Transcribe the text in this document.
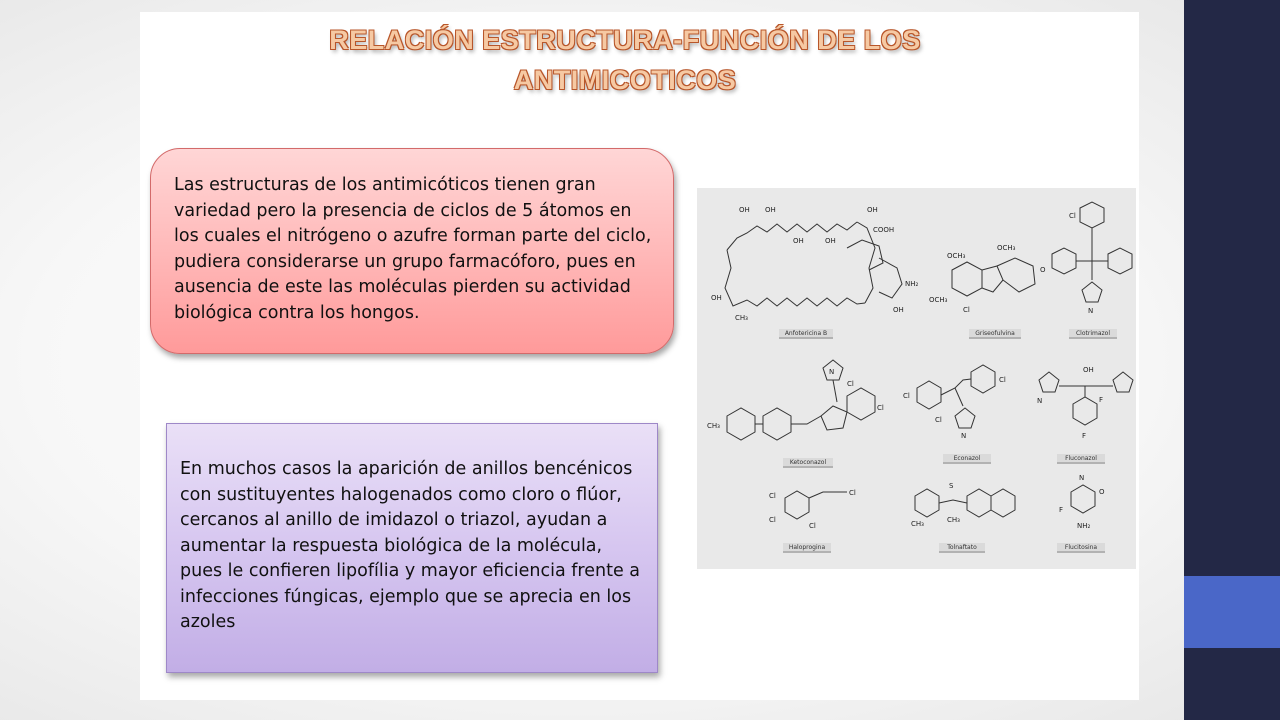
RELACIÓN ESTRUCTURA-FUNCIÓN DE LOS
ANTIMICOTICOS
Las estructuras de los antimicóticos tienen gran variedad pero la presencia de ciclos de 5 átomos en los cuales el nitrógeno o azufre forman parte del ciclo, pudiera considerarse un grupo farmacóforo, pues en ausencia de este las moléculas pierden su actividad biológica contra los hongos.
En muchos casos la aparición de anillos bencénicos con sustituyentes halogenados como cloro o flúor, cercanos al anillo de imidazol o triazol, ayudan a aumentar la respuesta biológica de la molécula, pues le confieren lipofília y mayor eficiencia frente a infecciones fúngicas, ejemplo que se aprecia en los azoles
OH OH
OH	OH
OH
COOH
NH₂
OH
CH₃
OH
Anfotericina B
OCH₃
OCH₃
Cl
OCH₃
O
Griseofulvina
Cl
N
Clotrimazol
CH₃
Cl
Cl
N
Ketoconazol
Cl
Cl
Cl
N
Econazol
OH
F
F
N
Fluconazol
Cl
Cl
Cl
Cl
Haloprogina
S
CH₃	CH₃
Tolnaftato
N
O
F
NH₂
Flucitosina
